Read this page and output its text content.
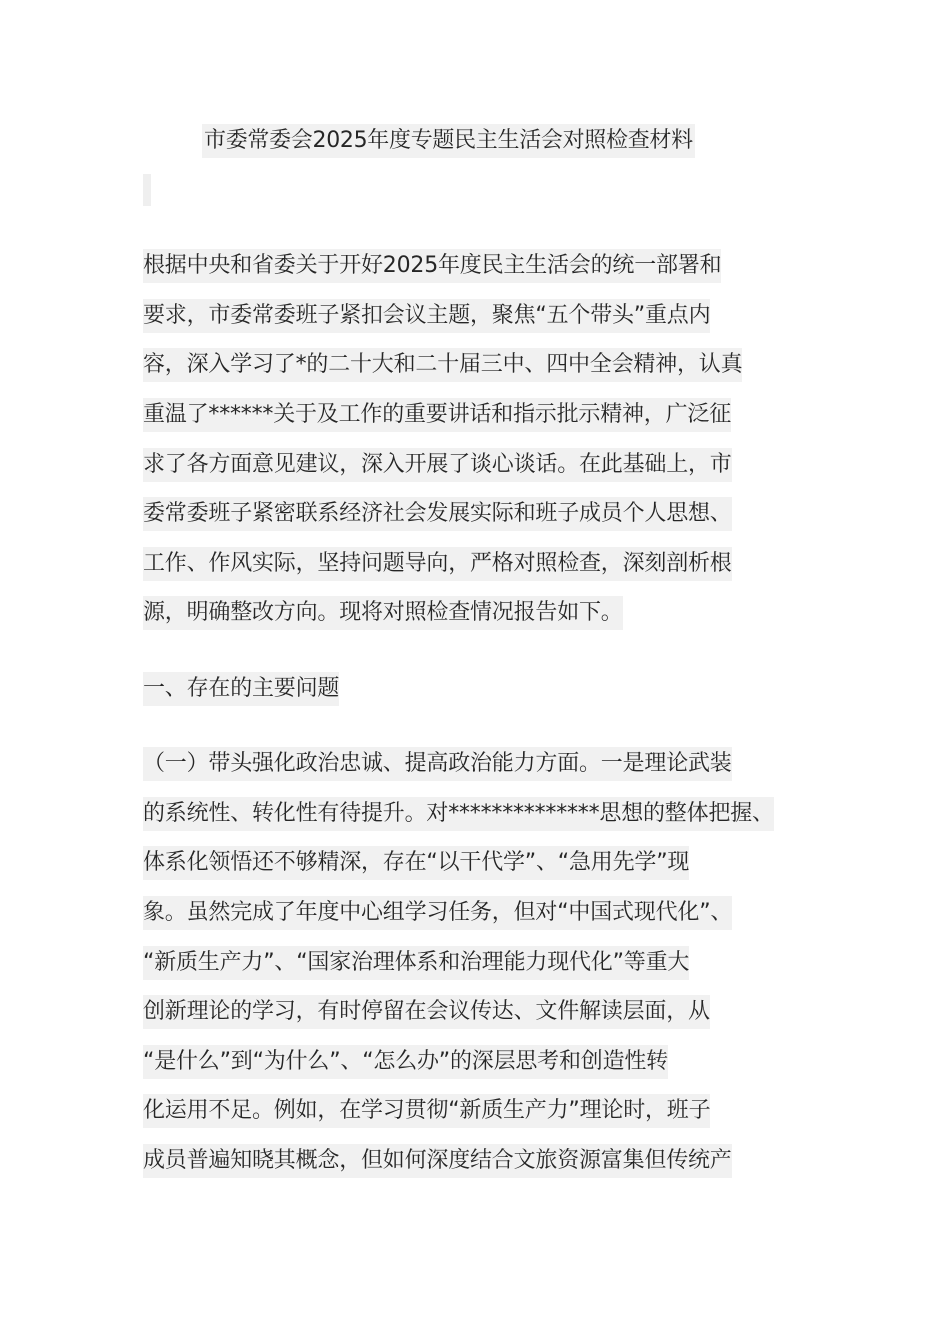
市委常委会2025年度专题民主生活会对照检查材料
根据中央和省委关于开好2025年度民主生活会的统一部署和
要求，市委常委班子紧扣会议主题，聚焦“五个带头”重点内
容，深入学习了*的二十大和二十届三中、四中全会精神，认真
重温了******关于及工作的重要讲话和指示批示精神，广泛征
求了各方面意见建议，深入开展了谈心谈话。在此基础上，市
委常委班子紧密联系经济社会发展实际和班子成员个人思想、
工作、作风实际，坚持问题导向，严格对照检查，深刻剖析根
源，明确整改方向。现将对照检查情况报告如下。
一、存在的主要问题
（一）带头强化政治忠诚、提高政治能力方面。一是理论武装
的系统性、转化性有待提升。对**************思想的整体把握、
体系化领悟还不够精深，存在“以干代学”、“急用先学”现
象。虽然完成了年度中心组学习任务，但对“中国式现代化”、
“新质生产力”、“国家治理体系和治理能力现代化”等重大
创新理论的学习，有时停留在会议传达、文件解读层面，从
“是什么”到“为什么”、“怎么办”的深层思考和创造性转
化运用不足。例如，在学习贯彻“新质生产力”理论时，班子
成员普遍知晓其概念，但如何深度结合文旅资源富集但传统产
